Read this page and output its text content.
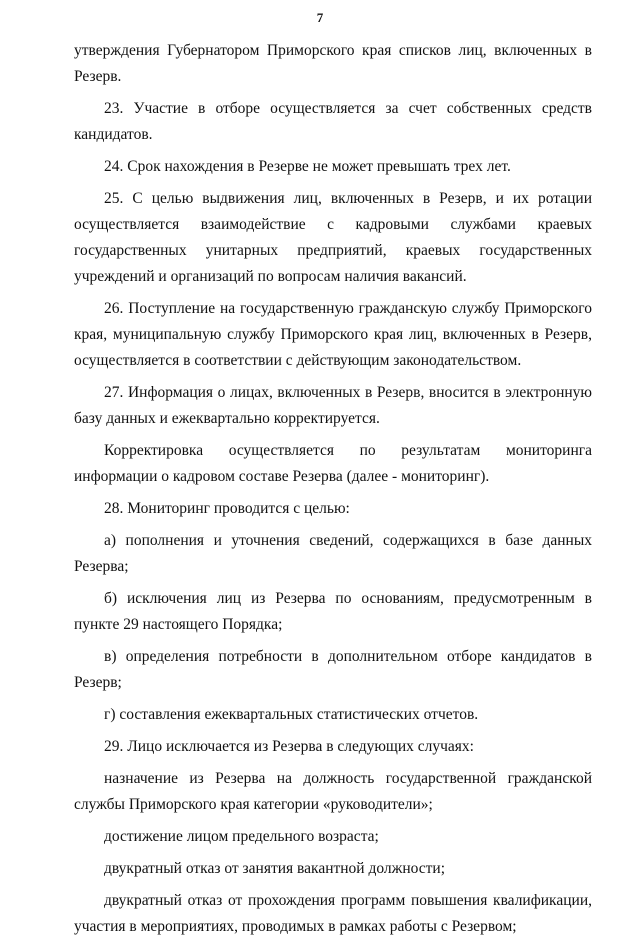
7

утверждения Губернатором Приморского края списков лиц, включенных в Резерв.

23. Участие в отборе осуществляется за счет собственных средств кандидатов.

24. Срок нахождения в Резерве не может превышать трех лет.

25. С целью выдвижения лиц, включенных в Резерв, и их ротации осуществляется взаимодействие с кадровыми службами краевых государственных унитарных предприятий, краевых государственных учреждений и организаций по вопросам наличия вакансий.

26. Поступление на государственную гражданскую службу Приморского края, муниципальную службу Приморского края лиц, включенных в Резерв, осуществляется в соответствии с действующим законодательством.

27. Информация о лицах, включенных в Резерв, вносится в электронную базу данных и ежеквартально корректируется.

Корректировка осуществляется по результатам мониторинга информации о кадровом составе Резерва (далее - мониторинг).

28. Мониторинг проводится с целью:

а) пополнения и уточнения сведений, содержащихся в базе данных Резерва;

б) исключения лиц из Резерва по основаниям, предусмотренным в пункте 29 настоящего Порядка;

в) определения потребности в дополнительном отборе кандидатов в Резерв;

г) составления ежеквартальных статистических отчетов.

29. Лицо исключается из Резерва в следующих случаях:

назначение из Резерва на должность государственной гражданской службы Приморского края категории «руководители»;

достижение лицом предельного возраста;

двукратный отказ от занятия вакантной должности;

двукратный отказ от прохождения программ повышения квалификации, участия в мероприятиях, проводимых в рамках работы с Резервом;
